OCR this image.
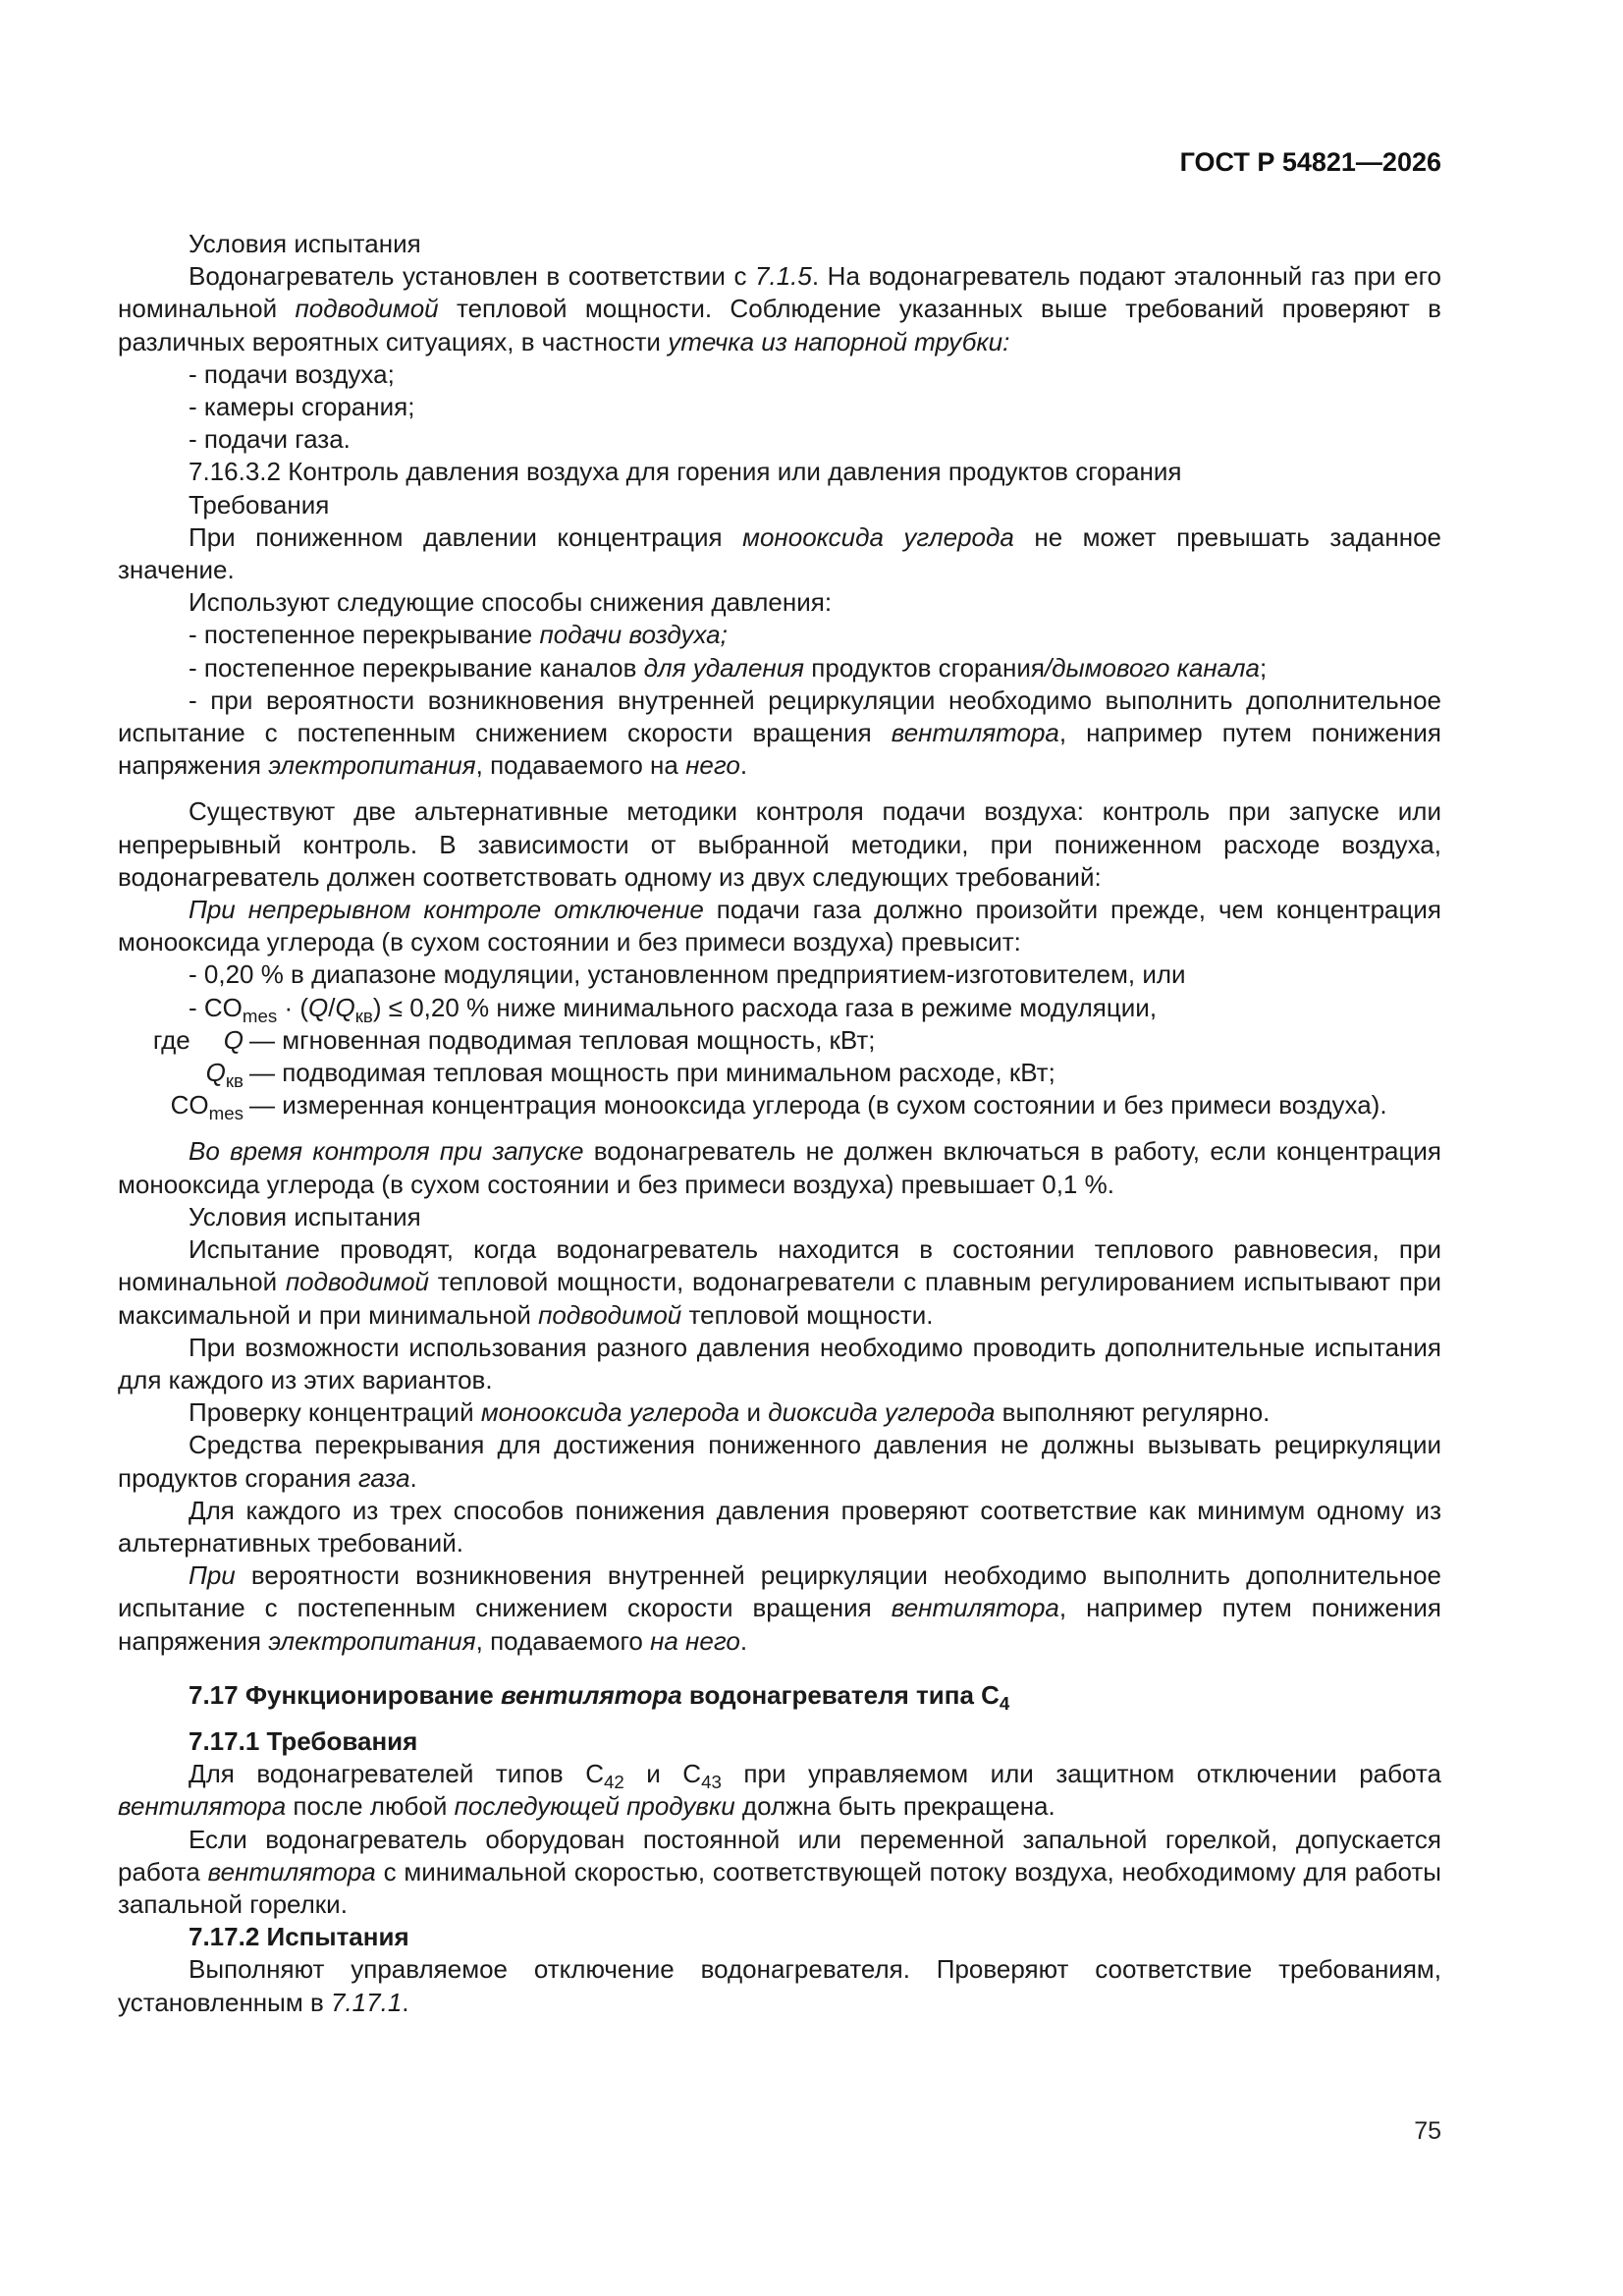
ГОСТ Р 54821—2026

Условия испытания

Водонагреватель установлен в соответствии с 7.1.5. На водонагреватель подают эталонный газ при его номинальной подводимой тепловой мощности. Соблюдение указанных выше требований проверяют в различных вероятных ситуациях, в частности утечка из напорной трубки:

- подачи воздуха;

- камеры сгорания;

- подачи газа.

7.16.3.2 Контроль давления воздуха для горения или давления продуктов сгорания

Требования

При пониженном давлении концентрация монооксида углерода не может превышать заданное значение.

Используют следующие способы снижения давления:

- постепенное перекрывание подачи воздуха;

- постепенное перекрывание каналов для удаления продуктов сгорания/дымового канала;

- при вероятности возникновения внутренней рециркуляции необходимо выполнить дополнительное испытание с постепенным снижением скорости вращения вентилятора, например путем понижения напряжения электропитания, подаваемого на него.

Существуют две альтернативные методики контроля подачи воздуха: контроль при запуске или непрерывный контроль. В зависимости от выбранной методики, при пониженном расходе воздуха, водонагреватель должен соответствовать одному из двух следующих требований:

При непрерывном контроле отключение подачи газа должно произойти прежде, чем концентрация монооксида углерода (в сухом состоянии и без примеси воздуха) превысит:

- 0,20 % в диапазоне модуляции, установленном предприятием-изготовителем, или

- $CO_{mes} \cdot (Q/Q_{кв}) \le 0,20$ % ниже минимального расхода газа в режиме модуляции,

где Q — мгновенная подводимая тепловая мощность, кВт;
$Q_{кв}$ — подводимая тепловая мощность при минимальном расходе, кВт;
$CO_{mes}$ — измеренная концентрация монооксида углерода (в сухом состоянии и без примеси воздуха).

Во время контроля при запуске водонагреватель не должен включаться в работу, если концентрация монооксида углерода (в сухом состоянии и без примеси воздуха) превышает 0,1 %.

Условия испытания

Испытание проводят, когда водонагреватель находится в состоянии теплового равновесия, при номинальной подводимой тепловой мощности, водонагреватели с плавным регулированием испытывают при максимальной и при минимальной подводимой тепловой мощности.

При возможности использования разного давления необходимо проводить дополнительные испытания для каждого из этих вариантов.

Проверку концентраций монооксида углерода и диоксида углерода выполняют регулярно.

Средства перекрывания для достижения пониженного давления не должны вызывать рециркуляции продуктов сгорания газа.

Для каждого из трех способов понижения давления проверяют соответствие как минимум одному из альтернативных требований.

При вероятности возникновения внутренней рециркуляции необходимо выполнить дополнительное испытание с постепенным снижением скорости вращения вентилятора, например путем понижения напряжения электропитания, подаваемого на него.

7.17 Функционирование вентилятора водонагревателя типа $С_4$

7.17.1 Требования

Для водонагревателей типов $С_{42}$ и $С_{43}$ при управляемом или защитном отключении работа вентилятора после любой последующей продувки должна быть прекращена.

Если водонагреватель оборудован постоянной или переменной запальной горелкой, допускается работа вентилятора с минимальной скоростью, соответствующей потоку воздуха, необходимому для работы запальной горелки.

7.17.2 Испытания

Выполняют управляемое отключение водонагревателя. Проверяют соответствие требованиям, установленным в 7.17.1.

75
